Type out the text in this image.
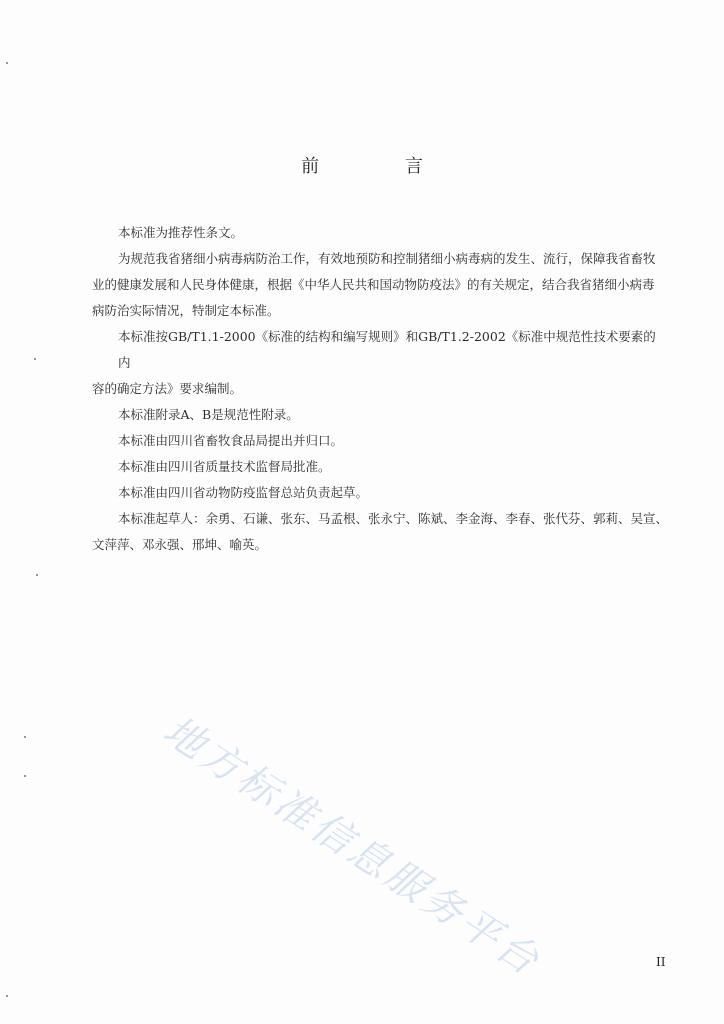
前 言

本标准为推荐性条文。

为规范我省猪细小病毒病防治工作，有效地预防和控制猪细小病毒病的发生、流行，保障我省畜牧
业的健康发展和人民身体健康，根据《中华人民共和国动物防疫法》的有关规定，结合我省猪细小病毒
病防治实际情况，特制定本标准。

本标准按GB/T1.1-2000《标准的结构和编写规则》和GB/T1.2-2002《标准中规范性技术要素的内
容的确定方法》要求编制。

本标准附录A、B是规范性附录。

本标准由四川省畜牧食品局提出并归口。

本标准由四川省质量技术监督局批准。

本标准由四川省动物防疫监督总站负责起草。

本标准起草人：余勇、石谦、张东、马孟根、张永宁、陈斌、李金海、李春、张代芬、郭莉、吴宣、
文萍萍、邓永强、邢坤、喻英。

地方标准信息服务平台	II
